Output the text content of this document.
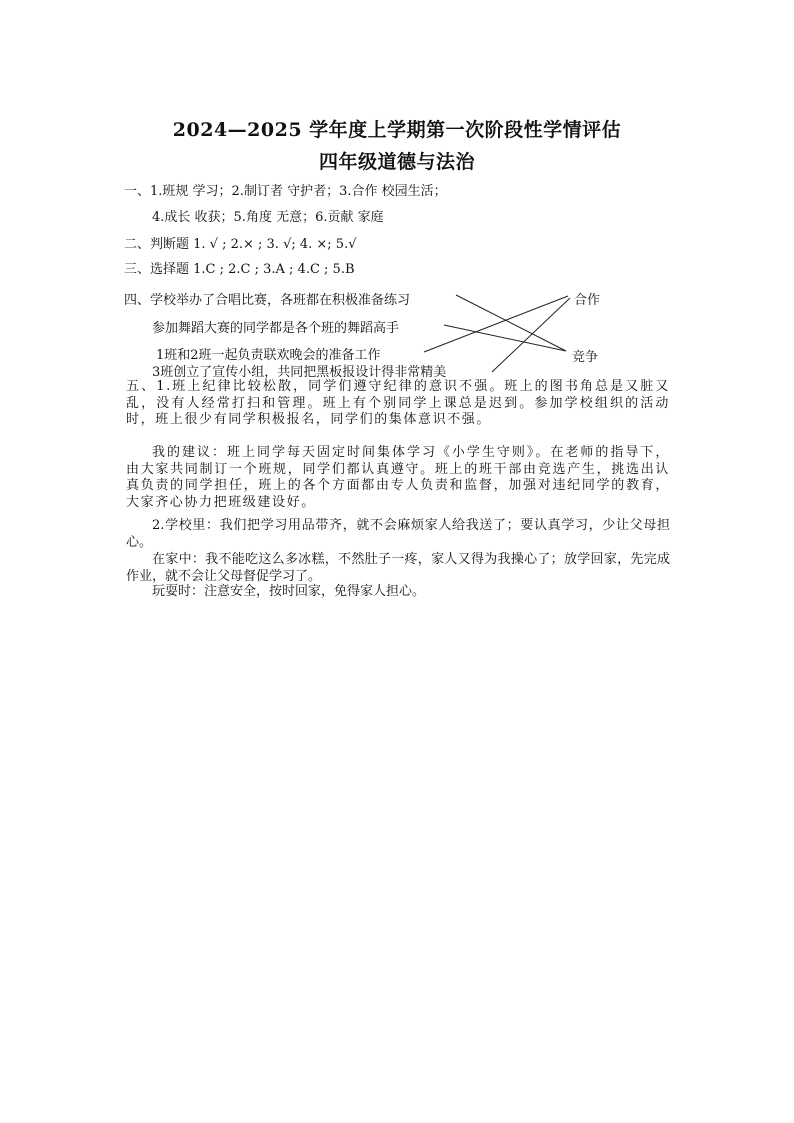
2024—2025 学年度上学期第一次阶段性学情评估
四年级道德与法治
一、1.班规 学习；2.制订者 守护者；3.合作 校园生活；
4.成长 收获；5.角度 无意；6.贡献 家庭
二、判断题 1. √ ; 2.× ; 3. √; 4. ×; 5.√
三、选择题 1.C ; 2.C ; 3.A ; 4.C ; 5.B
四、学校举办了合唱比赛，各班都在积极准备练习
参加舞蹈大赛的同学都是各个班的舞蹈高手
1班和2班一起负责联欢晚会的准备工作
3班创立了宣传小组，共同把黑板报设计得非常精美
合作
竞争
五、1.班上纪律比较松散，同学们遵守纪律的意识不强。班上的图书角总是又脏又乱，没有人经常打扫和管理。班上有个别同学上课总是迟到。参加学校组织的活动时，班上很少有同学积极报名，同学们的集体意识不强。
我的建议：班上同学每天固定时间集体学习《小学生守则》。在老师的指导下，由大家共同制订一个班规，同学们都认真遵守。班上的班干部由竞选产生，挑选出认真负责的同学担任，班上的各个方面都由专人负责和监督，加强对违纪同学的教育，大家齐心协力把班级建设好。
2.学校里：我们把学习用品带齐，就不会麻烦家人给我送了；要认真学习，少让父母担心。
在家中：我不能吃这么多冰糕，不然肚子一疼，家人又得为我操心了；放学回家，先完成作业，就不会让父母督促学习了。
玩耍时：注意安全，按时回家，免得家人担心。
